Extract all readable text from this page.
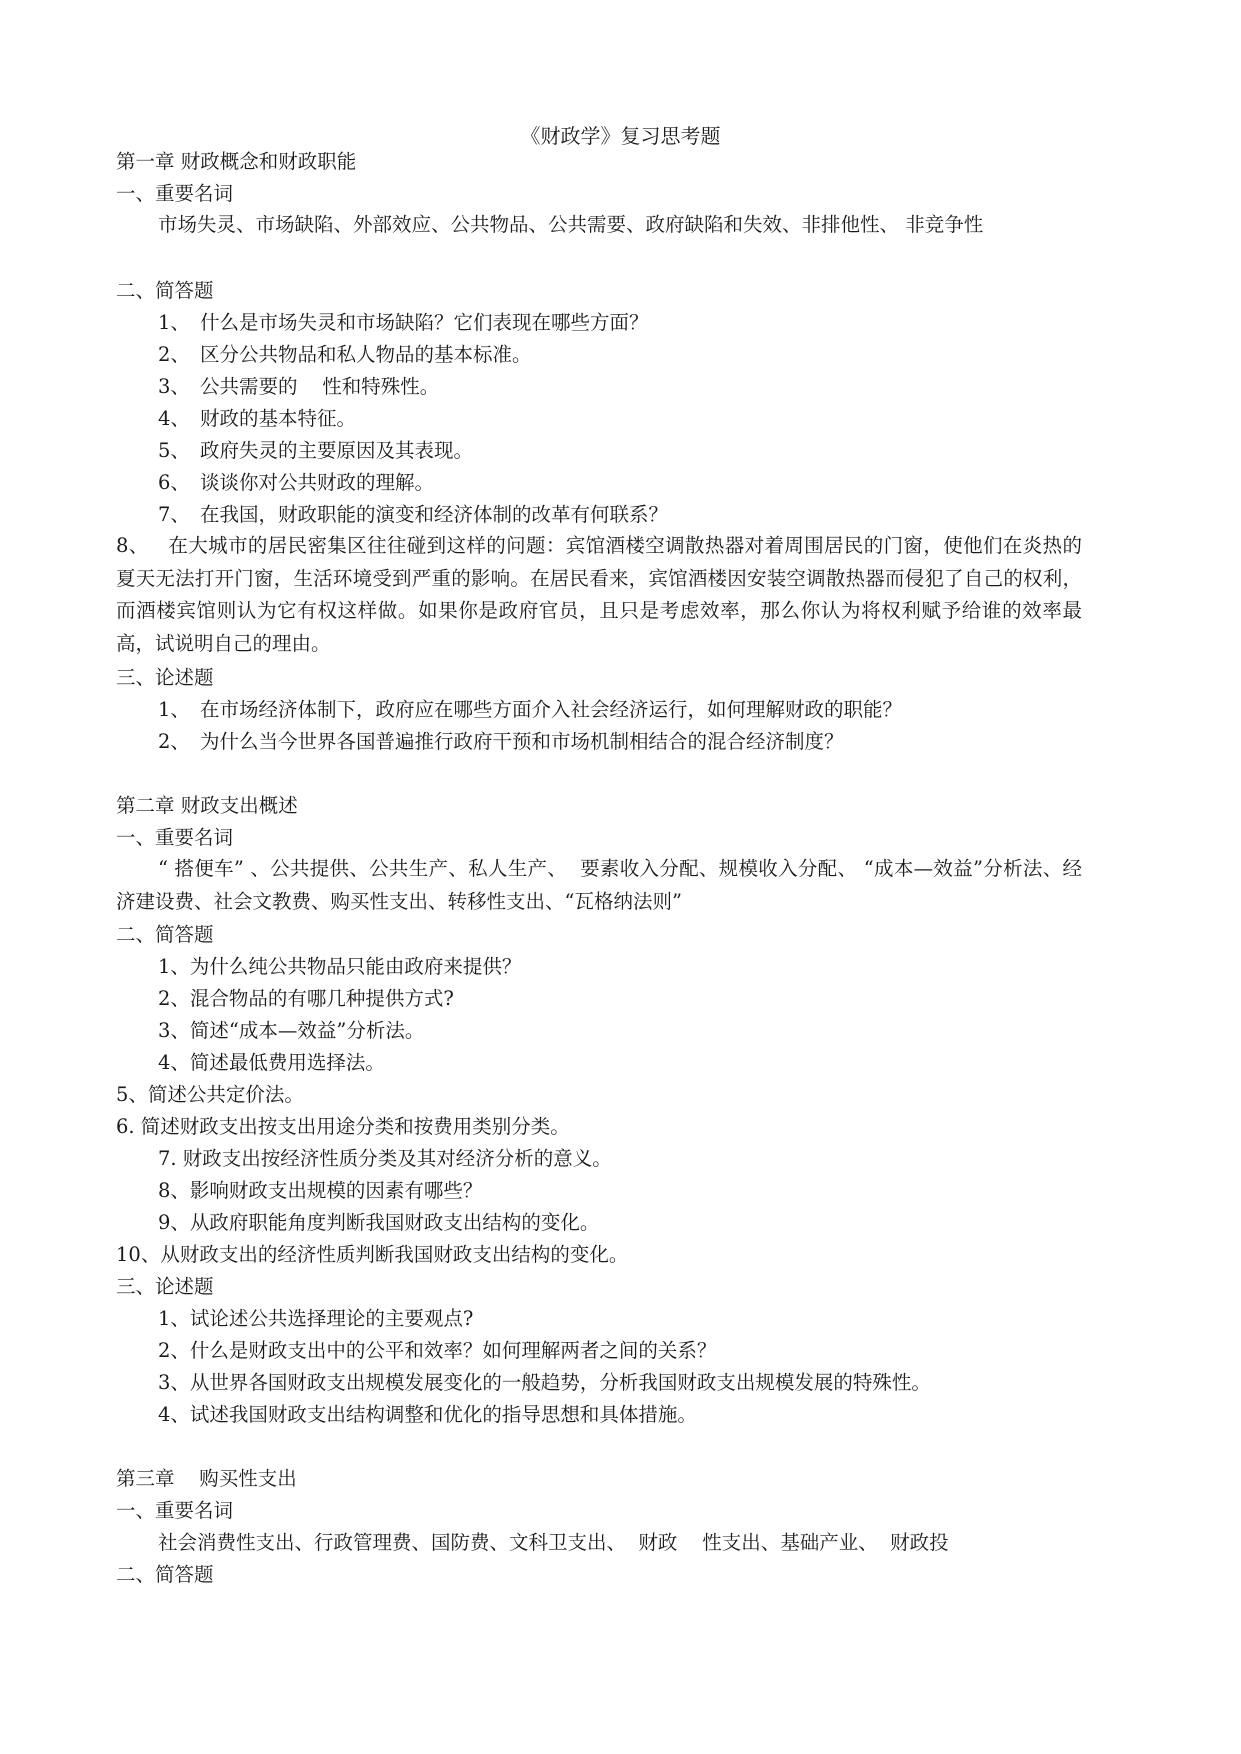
《财政学》复习思考题
第一章 财政概念和财政职能
一、重要名词
市场失灵、市场缺陷、外部效应、公共物品、公共需要、政府缺陷和失效、非排他性、 非竞争性
二、简答题
1、 什么是市场失灵和市场缺陷？它们表现在哪些方面？
2、 区分公共物品和私人物品的基本标准。
3、 公共需要的    性和特殊性。
4、 财政的基本特征。
5、 政府失灵的主要原因及其表现。
6、 谈谈你对公共财政的理解。
7、 在我国，财政职能的演变和经济体制的改革有何联系？
8、   在大城市的居民密集区往往碰到这样的问题：宾馆酒楼空调散热器对着周围居民的门窗，使他们在炎热的夏天无法打开门窗，生活环境受到严重的影响。在居民看来，宾馆酒楼因安装空调散热器而侵犯了自己的权利，而酒楼宾馆则认为它有权这样做。如果你是政府官员，且只是考虑效率，那么你认为将权利赋予给谁的效率最高，试说明自己的理由。
三、论述题
1、 在市场经济体制下，政府应在哪些方面介入社会经济运行，如何理解财政的职能？
2、 为什么当今世界各国普遍推行政府干预和市场机制相结合的混合经济制度？
第二章 财政支出概述
一、重要名词
“ 搭便车” 、公共提供、公共生产、私人生产、  要素收入分配、规模收入分配、 “成本—效益”分析法、经济建设费、社会文教费、购买性支出、转移性支出、“瓦格纳法则”
二、简答题
1、为什么纯公共物品只能由政府来提供？
2、混合物品的有哪几种提供方式?
3、简述“成本—效益”分析法。
4、简述最低费用选择法。
5、简述公共定价法。
6. 简述财政支出按支出用途分类和按费用类别分类。
7. 财政支出按经济性质分类及其对经济分析的意义。
8、影响财政支出规模的因素有哪些？
9、从政府职能角度判断我国财政支出结构的变化。
10、从财政支出的经济性质判断我国财政支出结构的变化。
三、论述题
1、试论述公共选择理论的主要观点?
2、什么是财政支出中的公平和效率？如何理解两者之间的关系？
3、从世界各国财政支出规模发展变化的一般趋势，分析我国财政支出规模发展的特殊性。
4、试述我国财政支出结构调整和优化的指导思想和具体措施。
第三章    购买性支出
一、重要名词
社会消费性支出、行政管理费、国防费、文科卫支出、  财政    性支出、基础产业、  财政投
二、简答题
